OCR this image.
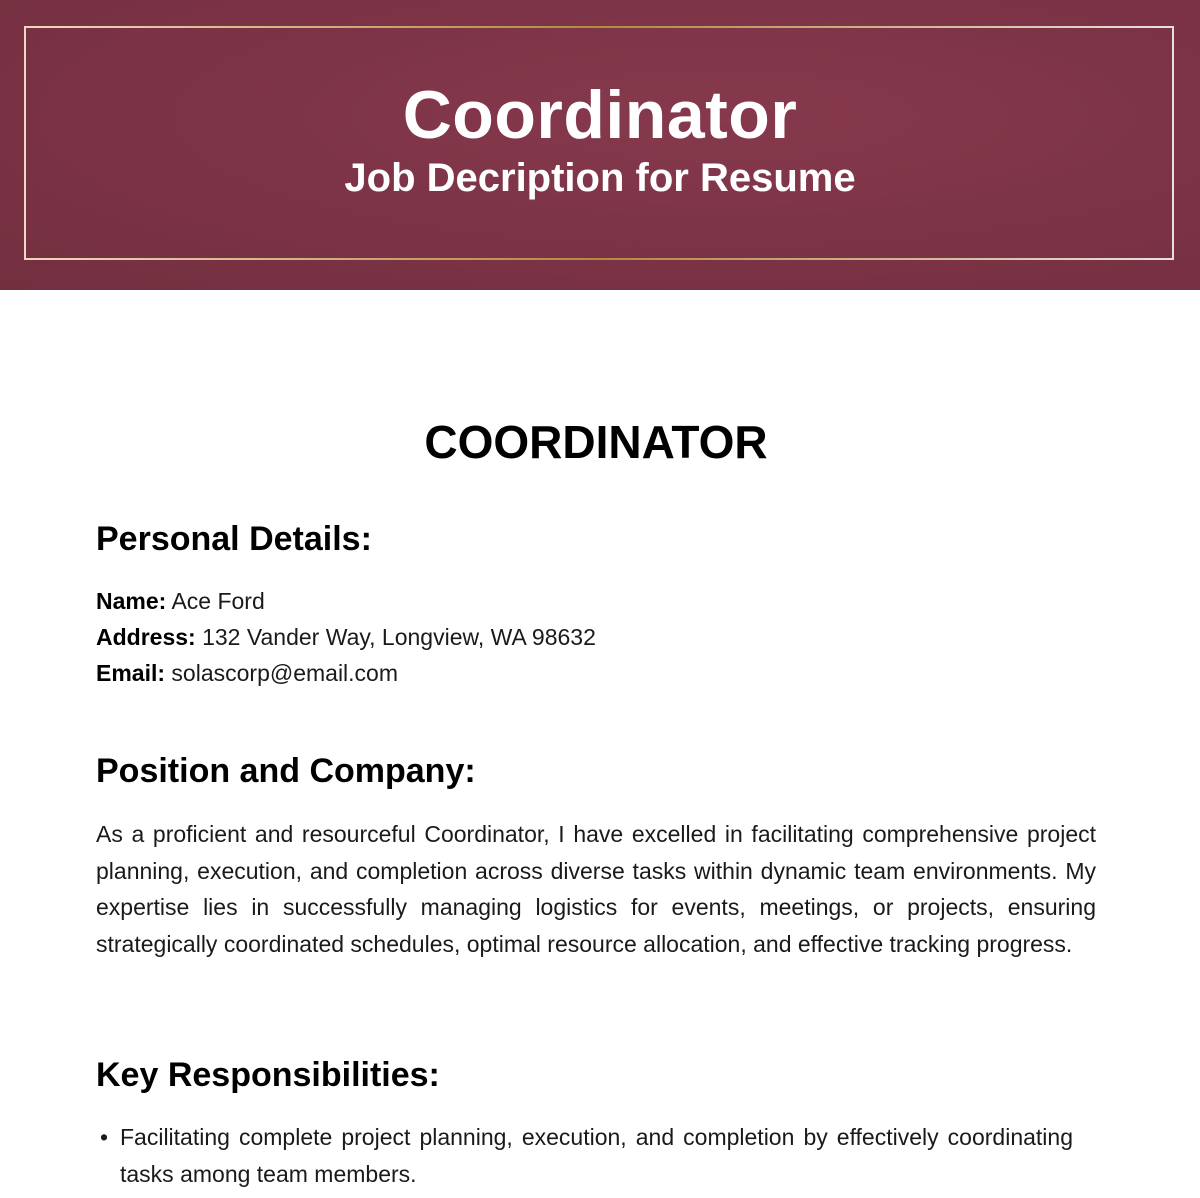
Coordinator
Job Decription for Resume
COORDINATOR
Personal Details:
Name: Ace Ford
Address: 132 Vander Way, Longview, WA 98632
Email: solascorp@email.com
Position and Company:
As a proficient and resourceful Coordinator, I have excelled in facilitating comprehensive project planning, execution, and completion across diverse tasks within dynamic team environments. My expertise lies in successfully managing logistics for events, meetings, or projects, ensuring strategically coordinated schedules, optimal resource allocation, and effective tracking progress.
Key Responsibilities:
• Facilitating complete project planning, execution, and completion by effectively coordinating tasks among team members.
